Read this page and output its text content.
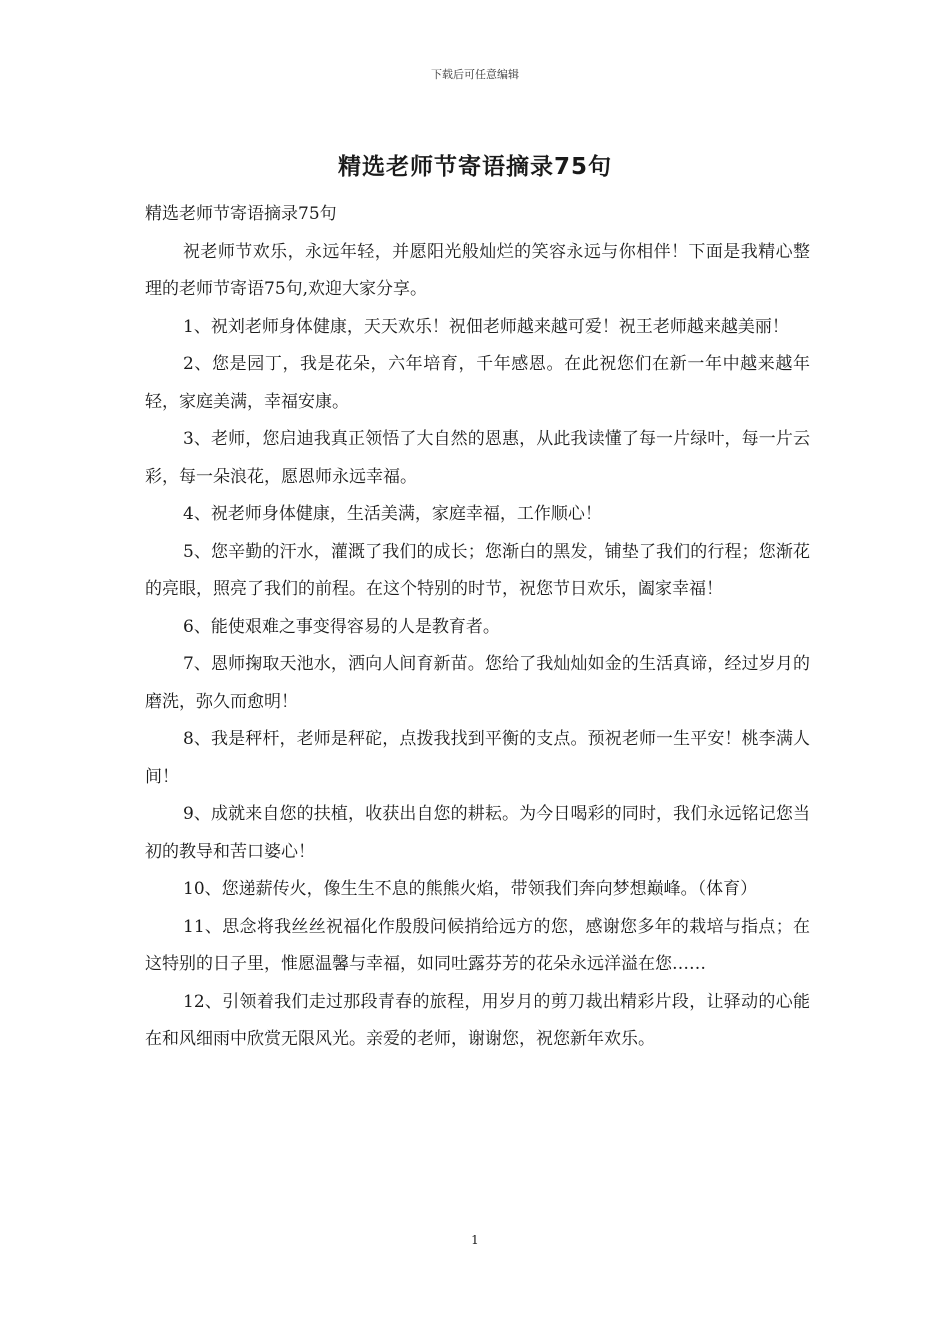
下载后可任意编辑
精选老师节寄语摘录75句

精选老师节寄语摘录75句

祝老师节欢乐，永远年轻，并愿阳光般灿烂的笑容永远与你相伴！下面是我精心整理的老师节寄语75句,欢迎大家分享。

1、祝刘老师身体健康，天天欢乐！祝佃老师越来越可爱！祝王老师越来越美丽！

2、您是园丁，我是花朵，六年培育，千年感恩。在此祝您们在新一年中越来越年轻，家庭美满，幸福安康。

3、老师，您启迪我真正领悟了大自然的恩惠，从此我读懂了每一片绿叶，每一片云彩，每一朵浪花，愿恩师永远幸福。

4、祝老师身体健康，生活美满，家庭幸福，工作顺心！

5、您辛勤的汗水，灌溉了我们的成长；您渐白的黑发，铺垫了我们的行程；您渐花的亮眼，照亮了我们的前程。在这个特别的时节，祝您节日欢乐，阖家幸福！

6、能使艰难之事变得容易的人是教育者。

7、恩师掬取天池水，洒向人间育新苗。您给了我灿灿如金的生活真谛，经过岁月的磨洗，弥久而愈明！

8、我是秤杆，老师是秤砣，点拨我找到平衡的支点。预祝老师一生平安！桃李满人间！

9、成就来自您的扶植，收获出自您的耕耘。为今日喝彩的同时，我们永远铭记您当初的教导和苦口婆心！

10、您递薪传火，像生生不息的熊熊火焰，带领我们奔向梦想巅峰。（体育）

11、思念将我丝丝祝福化作殷殷问候捎给远方的您，感谢您多年的栽培与指点；在这特别的日子里，惟愿温馨与幸福，如同吐露芬芳的花朵永远洋溢在您……

12、引领着我们走过那段青春的旅程，用岁月的剪刀裁出精彩片段，让驿动的心能在和风细雨中欣赏无限风光。亲爱的老师，谢谢您，祝您新年欢乐。

1
